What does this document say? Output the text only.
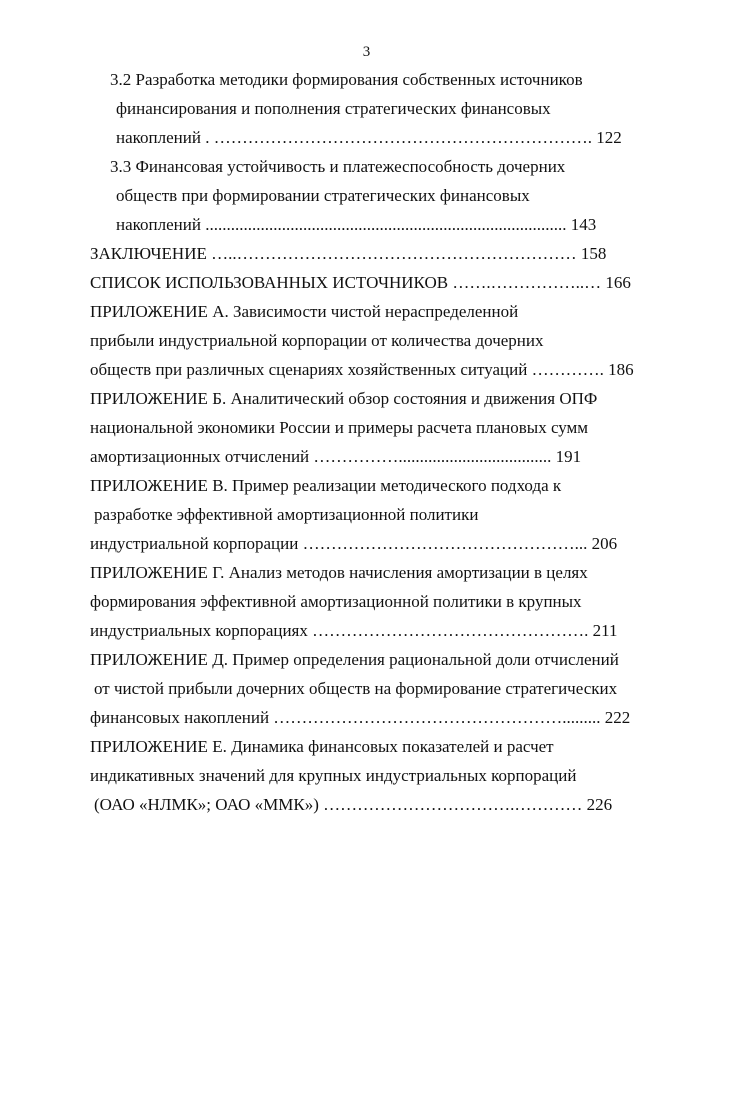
3
3.2 Разработка методики формирования собственных источников
финансирования и пополнения стратегических финансовых
накоплений . …………………………………………………………. 122
3.3 Финансовая устойчивость и платежеспособность дочерних
обществ при формировании стратегических финансовых
накоплений ..................................................................................... 143
ЗАКЛЮЧЕНИЕ …..…………………………………………………… 158
СПИСОК ИСПОЛЬЗОВАННЫХ ИСТОЧНИКОВ …….……………..… 166
ПРИЛОЖЕНИЕ А. Зависимости чистой нераспределенной
прибыли индустриальной корпорации от количества дочерних
обществ при различных сценариях хозяйственных ситуаций …………. 186
ПРИЛОЖЕНИЕ Б. Аналитический обзор состояния и движения ОПФ
национальной экономики России и примеры расчета плановых сумм
амортизационных отчислений …………….................................... 191
ПРИЛОЖЕНИЕ В. Пример реализации методического подхода к
разработке эффективной амортизационной политики
индустриальной корпорации …………………………………………... 206
ПРИЛОЖЕНИЕ Г. Анализ методов начисления амортизации в целях
формирования эффективной амортизационной политики в крупных
индустриальных корпорациях …………………………………………. 211
ПРИЛОЖЕНИЕ Д. Пример определения рациональной доли отчислений
от чистой прибыли дочерних обществ на формирование стратегических
финансовых накоплений ……………………………………………......... 222
ПРИЛОЖЕНИЕ Е. Динамика финансовых показателей и расчет
индикативных значений для крупных индустриальных корпораций
(ОАО «НЛМК»; ОАО «ММК») …………………………….………… 226
